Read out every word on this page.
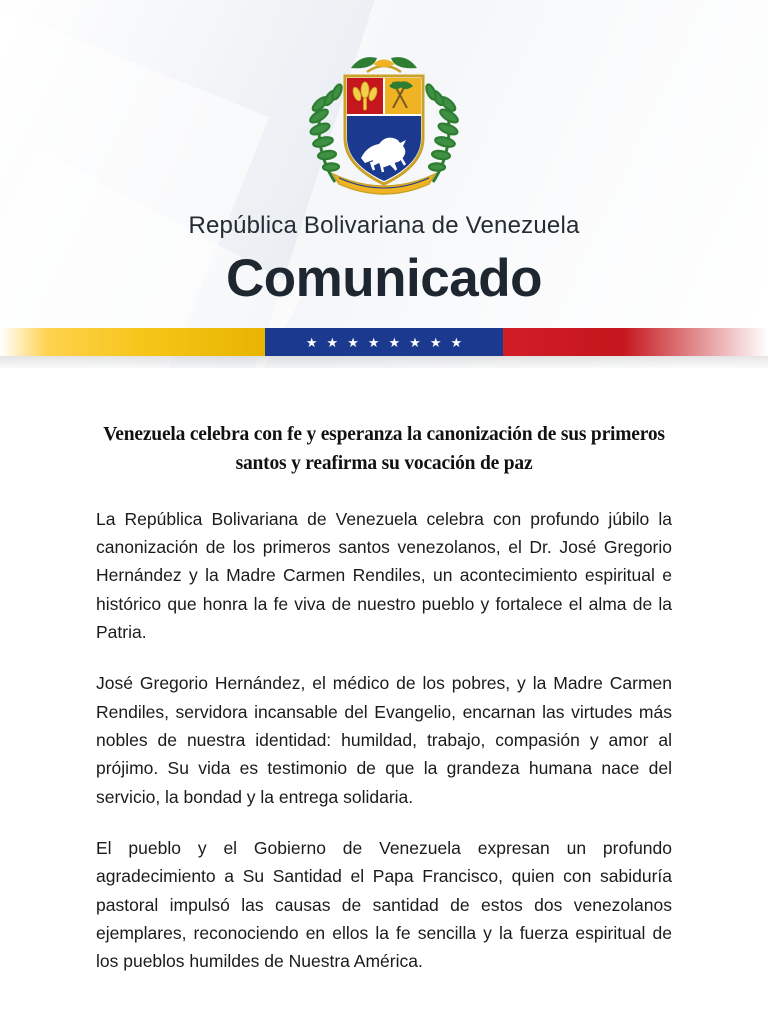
República Bolivariana de Venezuela
Comunicado
★ ★ ★ ★ ★ ★ ★ ★
Venezuela celebra con fe y esperanza la canonización de sus primeros santos y reafirma su vocación de paz

La República Bolivariana de Venezuela celebra con profundo júbilo la canonización de los primeros santos venezolanos, el Dr. José Gregorio Hernández y la Madre Carmen Rendiles, un acontecimiento espiritual e histórico que honra la fe viva de nuestro pueblo y fortalece el alma de la Patria.

José Gregorio Hernández, el médico de los pobres, y la Madre Carmen Rendiles, servidora incansable del Evangelio, encarnan las virtudes más nobles de nuestra identidad: humildad, trabajo, compasión y amor al prójimo. Su vida es testimonio de que la grandeza humana nace del servicio, la bondad y la entrega solidaria.

El pueblo y el Gobierno de Venezuela expresan un profundo agradecimiento a Su Santidad el Papa Francisco, quien con sabiduría pastoral impulsó las causas de santidad de estos dos venezolanos ejemplares, reconociendo en ellos la fe sencilla y la fuerza espiritual de los pueblos humildes de Nuestra América.
